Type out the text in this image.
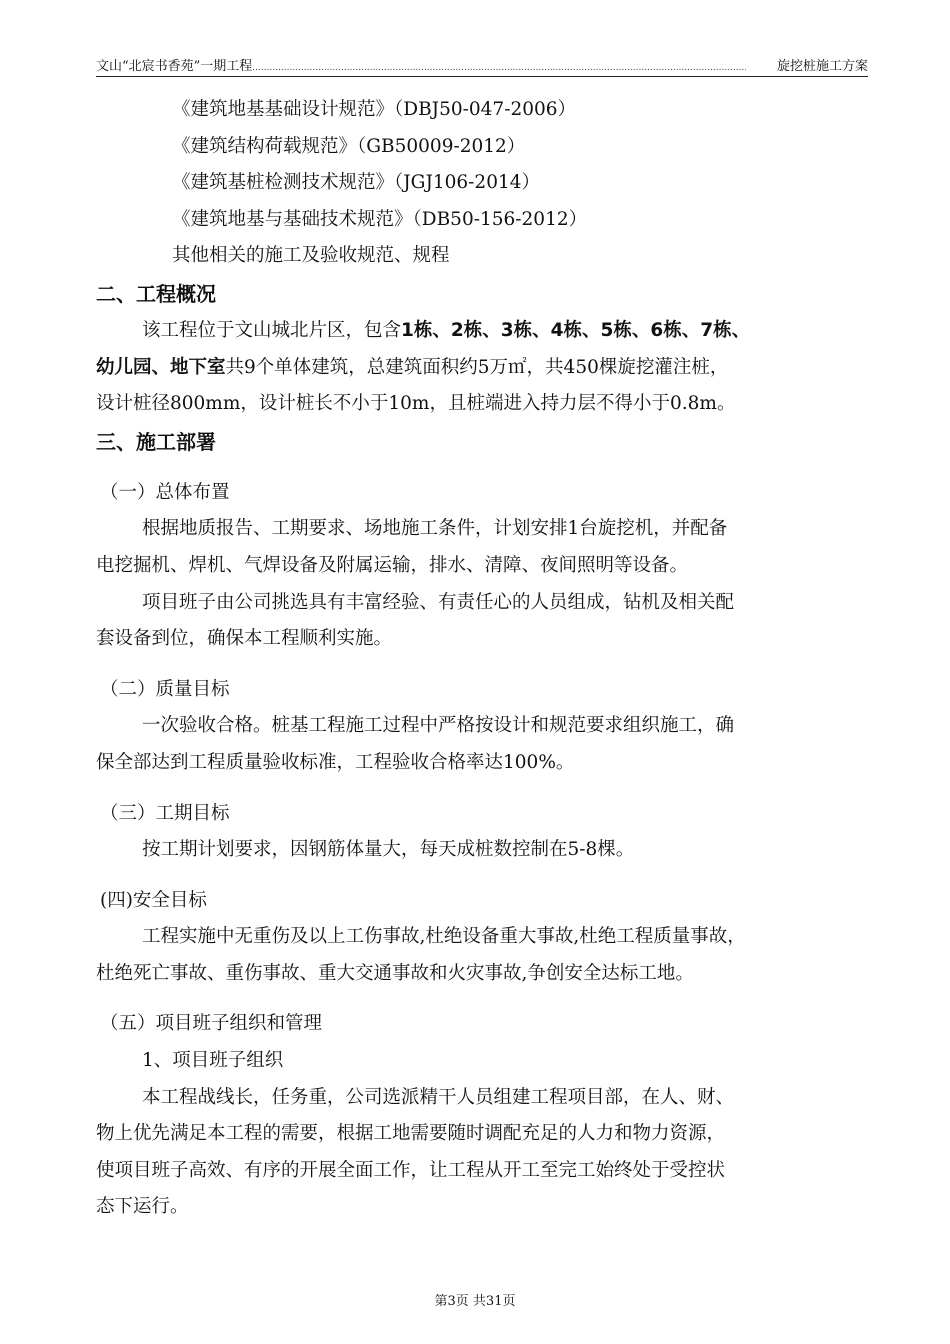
文山“北宸书香苑”一期工程 .....	旋挖桩施工方案
《建筑地基基础设计规范》（DBJ50-047-2006）
《建筑结构荷载规范》（GB50009-2012）
《建筑基桩检测技术规范》（JGJ106-2014）
《建筑地基与基础技术规范》（DB50-156-2012）
其他相关的施工及验收规范、规程
二、工程概况
该工程位于文山城北片区，包含1栋、2栋、3栋、4栋、5栋、6栋、7栋、
幼儿园、地下室共9个单体建筑，总建筑面积约5万㎡，共450棵旋挖灌注桩，
设计桩径800mm，设计桩长不小于10m，且桩端进入持力层不得小于0.8m。
三、施工部署
（一）总体布置
根据地质报告、工期要求、场地施工条件，计划安排1台旋挖机，并配备
电挖掘机、焊机、气焊设备及附属运输，排水、清障、夜间照明等设备。
项目班子由公司挑选具有丰富经验、有责任心的人员组成，钻机及相关配
套设备到位，确保本工程顺利实施。
（二）质量目标
一次验收合格。桩基工程施工过程中严格按设计和规范要求组织施工，确
保全部达到工程质量验收标准，工程验收合格率达100%。
（三）工期目标
按工期计划要求，因钢筋体量大，每天成桩数控制在5-8棵。
(四)安全目标
工程实施中无重伤及以上工伤事故,杜绝设备重大事故,杜绝工程质量事故，
杜绝死亡事故、重伤事故、重大交通事故和火灾事故,争创安全达标工地。
（五）项目班子组织和管理
1、项目班子组织
本工程战线长，任务重，公司选派精干人员组建工程项目部，在人、财、
物上优先满足本工程的需要，根据工地需要随时调配充足的人力和物力资源，
使项目班子高效、有序的开展全面工作，让工程从开工至完工始终处于受控状
态下运行。
第3页 共31页
